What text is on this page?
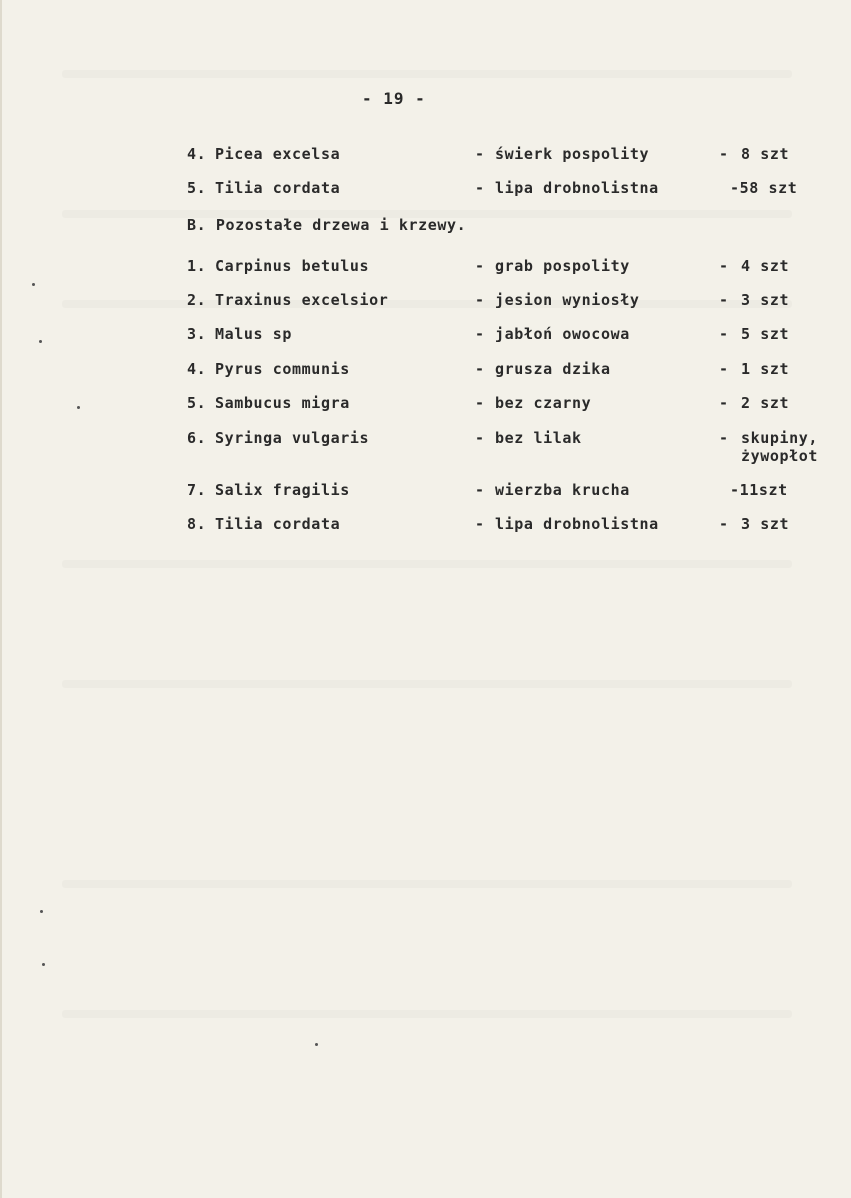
- 19 -
4. Picea excelsa	- świerk pospolity	- 8 szt
5. Tilia cordata	- lipa drobnolistna	-58 szt
B. Pozostałe drzewa i krzewy.
1. Carpinus betulus	- grab pospolity	- 4 szt
2. Traxinus excelsior	- jesion wyniosły	- 3 szt
3. Malus sp	- jabłoń owocowa	- 5 szt
4. Pyrus communis	- grusza dzika	- 1 szt
5. Sambucus migra	- bez czarny	- 2 szt
6. Syringa vulgaris	- bez lilak	- skupiny,
żywopłot
7. Salix fragilis	- wierzba krucha	-11szt
8. Tilia cordata	- lipa drobnolistna	- 3 szt
